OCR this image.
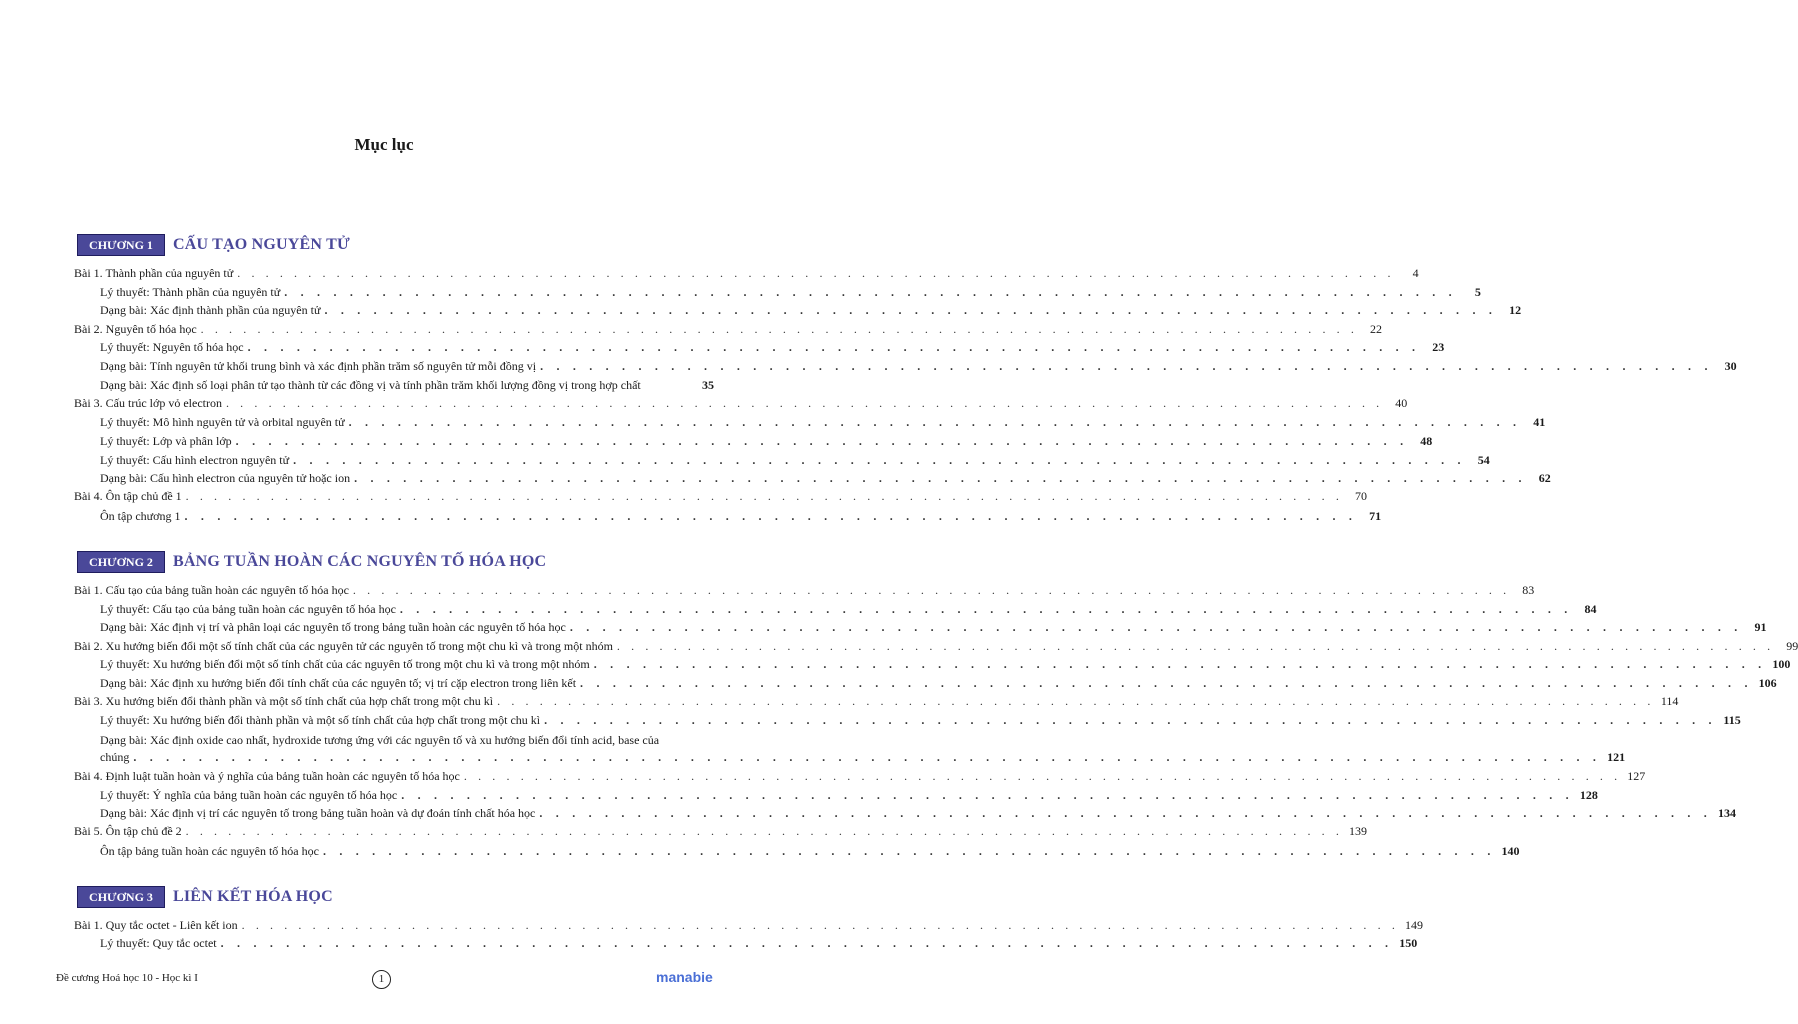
Mục lục
CHƯƠNG 1	CẤU TẠO NGUYÊN TỬ
Bài 1. Thành phần của nguyên tử . . . . . . . . . . . . . . . . . . . . . . . . . . . . . . . . . . . . . . . . . . . . . . . . . . . . . . . . . . . . . . . . . . . . . . . . . . . . . . . . . .	4
Lý thuyết: Thành phần của nguyên tử . . . . . . . . . . . . . . . . . . . . . . . . . . . . . . . . . . . . . . . . . . . . . . . . . . . . . . . . . . . . . . . . . . . . . . . .	5
Dạng bài: Xác định thành phần của nguyên tử . . . . . . . . . . . . . . . . . . . . . . . . . . . . . . . . . . . . . . . . . . . . . . . . . . . . . . . . . . . . . . . . . . . . . . . .	12
Bài 2. Nguyên tố hóa học . . . . . . . . . . . . . . . . . . . . . . . . . . . . . . . . . . . . . . . . . . . . . . . . . . . . . . . . . . . . . . . . . . . . . . . . . . . . . . . . . .	22
Lý thuyết: Nguyên tố hóa học . . . . . . . . . . . . . . . . . . . . . . . . . . . . . . . . . . . . . . . . . . . . . . . . . . . . . . . . . . . . . . . . . . . . . . . .	23
Dạng bài: Tính nguyên tử khối trung bình và xác định phần trăm số nguyên tử mỗi đồng vị . . . . . . . . . . . . . . . . . . . . . . . . . . . . . . . . . . . . . . . . . . . . . . . . . . . . . . . . . . . . . . . . . . . . . . . .	30
Dạng bài: Xác định số loại phân tử tạo thành từ các đồng vị và tính phần trăm khối lượng đồng vị trong hợp chất	35
Bài 3. Cấu trúc lớp vỏ electron . . . . . . . . . . . . . . . . . . . . . . . . . . . . . . . . . . . . . . . . . . . . . . . . . . . . . . . . . . . . . . . . . . . . . . . . . . . . . . . . . .	40
Lý thuyết: Mô hình nguyên tử và orbital nguyên tử . . . . . . . . . . . . . . . . . . . . . . . . . . . . . . . . . . . . . . . . . . . . . . . . . . . . . . . . . . . . . . . . . . . . . . . .	41
Lý thuyết: Lớp và phân lớp . . . . . . . . . . . . . . . . . . . . . . . . . . . . . . . . . . . . . . . . . . . . . . . . . . . . . . . . . . . . . . . . . . . . . . . .	48
Lý thuyết: Cấu hình electron nguyên tử . . . . . . . . . . . . . . . . . . . . . . . . . . . . . . . . . . . . . . . . . . . . . . . . . . . . . . . . . . . . . . . . . . . . . . . .	54
Dạng bài: Cấu hình electron của nguyên tử hoặc ion . . . . . . . . . . . . . . . . . . . . . . . . . . . . . . . . . . . . . . . . . . . . . . . . . . . . . . . . . . . . . . . . . . . . . . . .	62
Bài 4. Ôn tập chủ đề 1 . . . . . . . . . . . . . . . . . . . . . . . . . . . . . . . . . . . . . . . . . . . . . . . . . . . . . . . . . . . . . . . . . . . . . . . . . . . . . . . . . .	70
Ôn tập chương 1 . . . . . . . . . . . . . . . . . . . . . . . . . . . . . . . . . . . . . . . . . . . . . . . . . . . . . . . . . . . . . . . . . . . . . . . .	71
CHƯƠNG 2	BẢNG TUẦN HOÀN CÁC NGUYÊN TỐ HÓA HỌC
Bài 1. Cấu tạo của bảng tuần hoàn các nguyên tố hóa học . . . . . . . . . . . . . . . . . . . . . . . . . . . . . . . . . . . . . . . . . . . . . . . . . . . . . . . . . . . . . . . . . . . . . . . . . . . . . . . . . .	83
Lý thuyết: Cấu tạo của bảng tuần hoàn các nguyên tố hóa học . . . . . . . . . . . . . . . . . . . . . . . . . . . . . . . . . . . . . . . . . . . . . . . . . . . . . . . . . . . . . . . . . . . . . . . .	84
Dạng bài: Xác định vị trí và phân loại các nguyên tố trong bảng tuần hoàn các nguyên tố hóa học . . . . . . . . . . . . . . . . . . . . . . . . . . . . . . . . . . . . . . . . . . . . . . . . . . . . . . . . . . . . . . . . . . . . . . . .	91
Bài 2. Xu hướng biến đổi một số tính chất của các nguyên tử các nguyên tố trong một chu kì và trong một nhóm . . . . . . . . . . . . . . . . . . . . . . . . . . . . . . . . . . . . . . . . . . . . . . . . . . . . . . . . . . . . . . . . . . . . . . . . . . . . . . . . . .	99
Lý thuyết: Xu hướng biến đổi một số tính chất của các nguyên tố trong một chu kì và trong một nhóm . . . . . . . . . . . . . . . . . . . . . . . . . . . . . . . . . . . . . . . . . . . . . . . . . . . . . . . . . . . . . . . . . . . . . . . . 100
Dạng bài: Xác định xu hướng biến đổi tính chất của các nguyên tố; vị trí cặp electron trong liên kết . . . . . . . . . . . . . . . . . . . . . . . . . . . . . . . . . . . . . . . . . . . . . . . . . . . . . . . . . . . . . . . . . . . . . . . . 106
Bài 3. Xu hướng biến đổi thành phần và một số tính chất của hợp chất trong một chu kì . . . . . . . . . . . . . . . . . . . . . . . . . . . . . . . . . . . . . . . . . . . . . . . . . . . . . . . . . . . . . . . . . . . . . . . . . . . . . . . . . . 114
Lý thuyết: Xu hướng biến đổi thành phần và một số tính chất của hợp chất trong một chu kì . . . . . . . . . . . . . . . . . . . . . . . . . . . . . . . . . . . . . . . . . . . . . . . . . . . . . . . . . . . . . . . . . . . . . . . . 115
Dạng bài: Xác định oxide cao nhất, hydroxide tương ứng với các nguyên tố và xu hướng biến đổi tính acid, base của
chúng . . . . . . . . . . . . . . . . . . . . . . . . . . . . . . . . . . . . . . . . . . . . . . . . . . . . . . . . . . . . . . . . . . . . . . . . . . . . . . . . . . . . . . . . . . 121
Bài 4. Định luật tuần hoàn và ý nghĩa của bảng tuần hoàn các nguyên tố hóa học . . . . . . . . . . . . . . . . . . . . . . . . . . . . . . . . . . . . . . . . . . . . . . . . . . . . . . . . . . . . . . . . . . . . . . . . . . . . . . . . . . 127
Lý thuyết: Ý nghĩa của bảng tuần hoàn các nguyên tố hóa học . . . . . . . . . . . . . . . . . . . . . . . . . . . . . . . . . . . . . . . . . . . . . . . . . . . . . . . . . . . . . . . . . . . . . . . . 128
Dạng bài: Xác định vị trí các nguyên tố trong bảng tuần hoàn và dự đoán tính chất hóa học . . . . . . . . . . . . . . . . . . . . . . . . . . . . . . . . . . . . . . . . . . . . . . . . . . . . . . . . . . . . . . . . . . . . . . . . 134
Bài 5. Ôn tập chủ đề 2 . . . . . . . . . . . . . . . . . . . . . . . . . . . . . . . . . . . . . . . . . . . . . . . . . . . . . . . . . . . . . . . . . . . . . . . . . . . . . . . . . . 139
Ôn tập bảng tuần hoàn các nguyên tố hóa học . . . . . . . . . . . . . . . . . . . . . . . . . . . . . . . . . . . . . . . . . . . . . . . . . . . . . . . . . . . . . . . . . . . . . . . . 140
CHƯƠNG 3	LIÊN KẾT HÓA HỌC
Bài 1. Quy tắc octet - Liên kết ion . . . . . . . . . . . . . . . . . . . . . . . . . . . . . . . . . . . . . . . . . . . . . . . . . . . . . . . . . . . . . . . . . . . . . . . . . . . . . . . . . . 149
Lý thuyết: Quy tắc octet . . . . . . . . . . . . . . . . . . . . . . . . . . . . . . . . . . . . . . . . . . . . . . . . . . . . . . . . . . . . . . . . . . . . . . . . 150
Đề cương Hoá học 10 - Học kì I	1	manabie
